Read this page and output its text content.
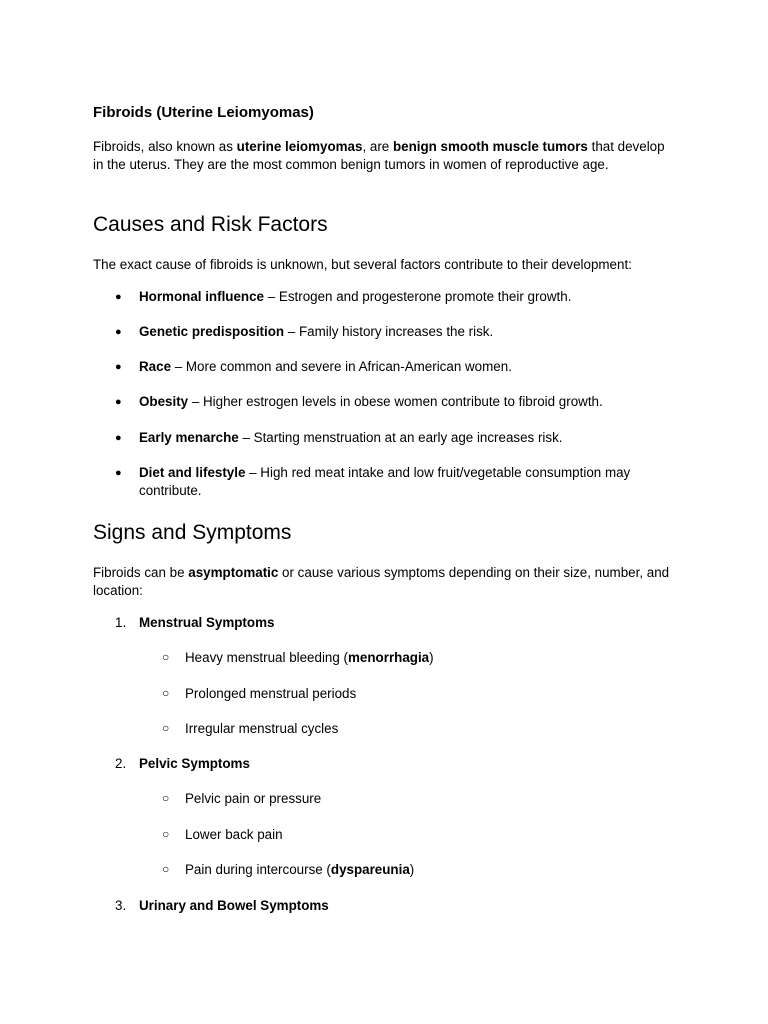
Fibroids (Uterine Leiomyomas)

Fibroids, also known as uterine leiomyomas, are benign smooth muscle tumors that develop in the uterus. They are the most common benign tumors in women of reproductive age.

Causes and Risk Factors

The exact cause of fibroids is unknown, but several factors contribute to their development:

● Hormonal influence – Estrogen and progesterone promote their growth.
● Genetic predisposition – Family history increases the risk.
● Race – More common and severe in African-American women.
● Obesity – Higher estrogen levels in obese women contribute to fibroid growth.
● Early menarche – Starting menstruation at an early age increases risk.
● Diet and lifestyle – High red meat intake and low fruit/vegetable consumption may contribute.
Signs and Symptoms

Fibroids can be asymptomatic or cause various symptoms depending on their size, number, and location:

1. Menstrual Symptoms
○ Heavy menstrual bleeding (menorrhagia)
○ Prolonged menstrual periods
○ Irregular menstrual cycles
2. Pelvic Symptoms
○ Pelvic pain or pressure
○ Lower back pain
○ Pain during intercourse (dyspareunia)
3. Urinary and Bowel Symptoms
